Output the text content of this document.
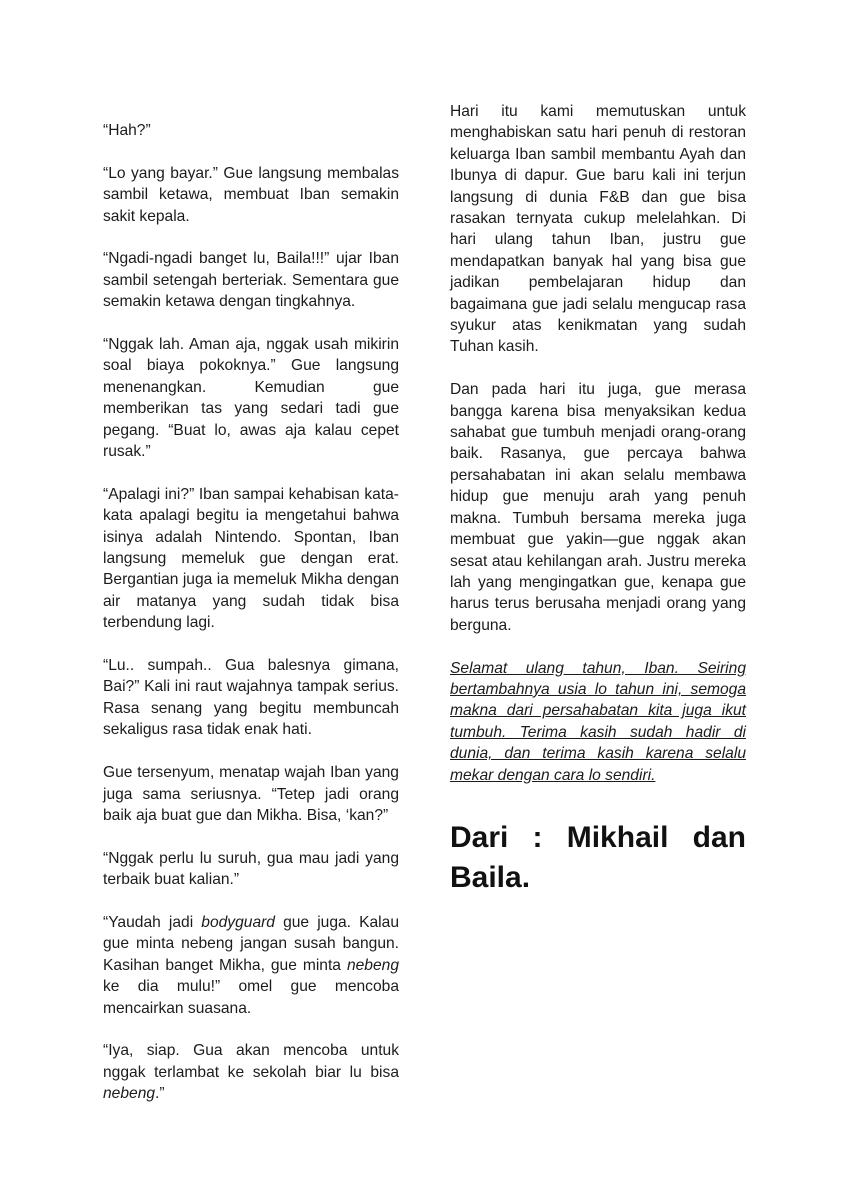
“Hah?”

“Lo yang bayar.” Gue langsung membalas sambil ketawa, membuat Iban semakin sakit kepala.

“Ngadi-ngadi banget lu, Baila!!!” ujar Iban sambil setengah berteriak. Sementara gue semakin ketawa dengan tingkahnya.

“Nggak lah. Aman aja, nggak usah mikirin soal biaya pokoknya.” Gue langsung menenangkan. Kemudian gue memberikan tas yang sedari tadi gue pegang. “Buat lo, awas aja kalau cepet rusak.”

“Apalagi ini?” Iban sampai kehabisan kata-kata apalagi begitu ia mengetahui bahwa isinya adalah Nintendo. Spontan, Iban langsung memeluk gue dengan erat. Bergantian juga ia memeluk Mikha dengan air matanya yang sudah tidak bisa terbendung lagi.

“Lu.. sumpah.. Gua balesnya gimana, Bai?” Kali ini raut wajahnya tampak serius. Rasa senang yang begitu membuncah sekaligus rasa tidak enak hati.

Gue tersenyum, menatap wajah Iban yang juga sama seriusnya. “Tetep jadi orang baik aja buat gue dan Mikha. Bisa, ‘kan?”

“Nggak perlu lu suruh, gua mau jadi yang terbaik buat kalian.”

“Yaudah jadi bodyguard gue juga. Kalau gue minta nebeng jangan susah bangun. Kasihan banget Mikha, gue minta nebeng ke dia mulu!” omel gue mencoba mencairkan suasana.

“Iya, siap. Gua akan mencoba untuk nggak terlambat ke sekolah biar lu bisa nebeng.”

Hari itu kami memutuskan untuk menghabiskan satu hari penuh di restoran keluarga Iban sambil membantu Ayah dan Ibunya di dapur. Gue baru kali ini terjun langsung di dunia F&B dan gue bisa rasakan ternyata cukup melelahkan. Di hari ulang tahun Iban, justru gue mendapatkan banyak hal yang bisa gue jadikan pembelajaran hidup dan bagaimana gue jadi selalu mengucap rasa syukur atas kenikmatan yang sudah Tuhan kasih.

Dan pada hari itu juga, gue merasa bangga karena bisa menyaksikan kedua sahabat gue tumbuh menjadi orang-orang baik. Rasanya, gue percaya bahwa persahabatan ini akan selalu membawa hidup gue menuju arah yang penuh makna. Tumbuh bersama mereka juga membuat gue yakin—gue nggak akan sesat atau kehilangan arah. Justru mereka lah yang mengingatkan gue, kenapa gue harus terus berusaha menjadi orang yang berguna.

Selamat ulang tahun, Iban. Seiring bertambahnya usia lo tahun ini, semoga makna dari persahabatan kita juga ikut tumbuh. Terima kasih sudah hadir di dunia, dan terima kasih karena selalu mekar dengan cara lo sendiri.

Dari : Mikhail dan
Baila.
